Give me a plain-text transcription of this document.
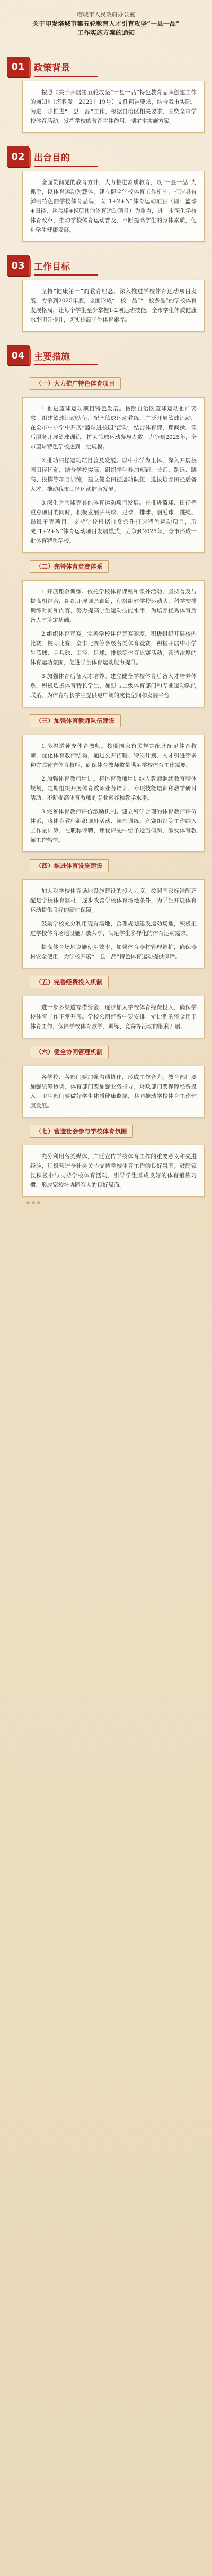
塔城市人民政府办公室
关于印发塔城市第五轮教育人才引育攻坚“一县一品”
工作实施方案的通知
01	政策背景

按照《关于开展第五轮攻坚“一县一品”特色教育品牌创建工作的通知》（塔教发〔2023〕19号）文件精神要求，结合我市实际，为进一步推进“一县一品”工作，根据自治区相关要求，围绕全市学校体育活动，发挥学校的教育主体作用，制定本实施方案。

02	出台目的

全面贯彻党的教育方针，大力推进素质教育，以“一县一品”为抓手，以体育运动为载体，建立健全学校体育工作机制，打造具有鲜明特色的学校体育品牌，以“1+2+N”体育运动项目（即：篮球+田径、乒乓球+N项其他体育运动项目）为重点，进一步深化学校体育改革，推动学校体育运动普及，不断提高学生的身体素质，促进学生健康发展。

03	工作目标

坚持“健康第一”的教育理念，深入推进学校体育运动项目发展，力争到2025年底，全面形成“一校一品”“一校多品”的学校体育发展格局，让每个学生至少掌握1-2项运动技能，全市学生体质健康水平明显提升，切实提高学生体育素养。

04	主要措施
（一）大力推广特色体育项目

1.推进篮球运动项目特色发展。按照自治区篮球运动推广要求，组建篮球运动队伍，配齐篮球运动教练，广泛开展篮球运动，在全市中小学中开展“篮球进校园”活动，结合体育课、课间操、课后服务开展篮球训练，扩大篮球运动参与人数，力争到2025年，全市篮球特色学校达到一定规模。

2.推动田径运动项目普及发展。以中小学为主体，深入开展校园田径运动，结合学校实际，组织学生参加短跑、长跑、跳远、跳高、投掷等项目训练，建立健全田径运动队伍，选拔培养田径后备人才，推动我市田径运动健康发展。

3.深化乒乓球等其他体育运动项目发展。在推进篮球、田径等重点项目的同时，积极发展乒乓球、足球、排球、羽毛球、跳绳、踢毽子等项目，支持学校根据自身条件打造特色运动项目，形成“1+2+N”体育运动项目发展模式，力争到2025年，全市形成一批体育特色学校。

（二）完善体育竞赛体系

1.开展课余训练。依托学校体育课程和课外活动，坚持普及与提高相结合，组织开展课余训练，积极组建学校运动队，科学安排训练时间和内容，努力提高学生运动技能水平，为培养优秀体育后备人才奠定基础。

2.组织体育竞赛。完善学校体育竞赛制度，积极组织开展校内比赛、校际比赛、全市比赛等各级各类体育竞赛，积极开展中小学生篮球、乒乓球、田径、足球、排球等体育比赛活动，营造浓厚的体育运动氛围，促进学生体育运动能力提升。

3.加强体育后备人才培养。建立健全学校体育后备人才培养体系，积极选拔体育特长学生，加强与上级体育部门和专业运动队的联系，为体育特长学生提供更广阔的成长空间和发展平台。

（三）加强体育教师队伍建设

1.多渠道补充体育教师。按照国家有关规定配齐配足体育教师，优化体育教师结构，通过公开招聘、特岗计划、人才引进等多种方式补充体育教师，确保体育教师数量满足学校体育工作需要。

2.加强体育教师培训。将体育教师培训纳入教师继续教育整体规划，定期组织开展体育教师业务培训、专项技能培训和教学研讨活动，不断提高体育教师的专业素养和教学水平。

3.完善体育教师评价激励机制。建立科学合理的体育教师评价体系，将体育教师组织课外活动、课余训练、竞赛组织等工作纳入工作量计算，在职称评聘、评优评先中给予适当倾斜，激发体育教师工作热情。

（四）推进体育设施建设

加大对学校体育场地设施建设的投入力度，按照国家标准配齐配足学校体育器材，逐步改善学校体育场地条件，为学生开展体育运动提供良好的硬件保障。

鼓励学校充分利用现有场地，合理规划建设运动场地，积极推进学校体育场地设施开放共享，满足学生多样化的体育运动需求。

提高体育场地设施使用效率，加强体育器材管理维护，确保器材安全使用，为学校开展“一县一品”特色体育运动提供保障。

（五）完善经费投入机制

进一步多渠道筹措资金，逐步加大学校体育经费投入，确保学校体育工作正常开展。学校公用经费中要安排一定比例的资金用于体育工作，保障学校体育教学、训练、竞赛等活动的顺利开展。

（六）健全协同管理机制

各学校、各部门要加强沟通协作，形成工作合力。教育部门要加强统筹协调，体育部门要加强业务指导，财政部门要保障经费投入，卫生部门要做好学生体质健康监测，共同推动学校体育工作健康发展。

（七）营造社会参与学校体育氛围

充分利用各类媒体，广泛宣传学校体育工作的重要意义和先进经验，积极营造全社会关心支持学校体育工作的良好氛围。鼓励家长积极参与支持学校体育活动，引导学生养成良好的体育锻炼习惯，形成家校社协同育人的良好局面。
